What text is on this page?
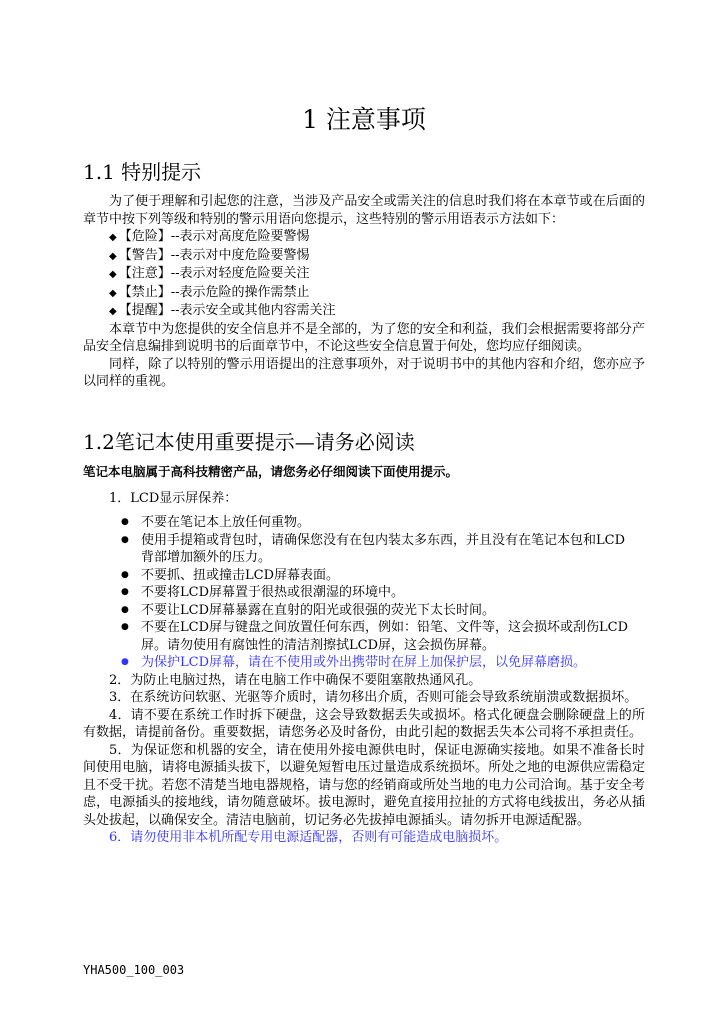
1 注意事项
1.1 特别提示

为了便于理解和引起您的注意，当涉及产品安全或需关注的信息时我们将在本章节或在后面的章节中按下列等级和特别的警示用语向您提示，这些特别的警示用语表示方法如下：

◆ 【危险】--表示对高度危险要警惕
◆ 【警告】--表示对中度危险要警惕
◆ 【注意】--表示对轻度危险要关注
◆ 【禁止】--表示危险的操作需禁止
◆ 【提醒】--表示安全或其他内容需关注

本章节中为您提供的安全信息并不是全部的，为了您的安全和利益，我们会根据需要将部分产品安全信息编排到说明书的后面章节中，不论这些安全信息置于何处，您均应仔细阅读。

同样，除了以特别的警示用语提出的注意事项外，对于说明书中的其他内容和介绍，您亦应予以同样的重视。

1.2笔记本使用重要提示—请务必阅读

笔记本电脑属于高科技精密产品，请您务必仔细阅读下面使用提示。

1．LCD显示屏保养：

● 不要在笔记本上放任何重物。
● 使用手提箱或背包时，请确保您没有在包内装太多东西，并且没有在笔记本包和LCD背部增加额外的压力。
● 不要抓、扭或撞击LCD屏幕表面。
● 不要将LCD屏幕置于很热或很潮湿的环境中。
● 不要让LCD屏幕暴露在直射的阳光或很强的荧光下太长时间。
● 不要在LCD屏与键盘之间放置任何东西，例如：铅笔、文件等，这会损坏或刮伤LCD屏。请勿使用有腐蚀性的清洁剂擦拭LCD屏，这会损伤屏幕。
● 为保护LCD屏幕，请在不使用或外出携带时在屏上加保护层，以免屏幕磨损。

2．为防止电脑过热，请在电脑工作中确保不要阻塞散热通风孔。

3．在系统访问软驱、光驱等介质时，请勿移出介质，否则可能会导致系统崩溃或数据损坏。

4．请不要在系统工作时拆下硬盘，这会导致数据丢失或损坏。格式化硬盘会删除硬盘上的所有数据，请提前备份。重要数据，请您务必及时备份，由此引起的数据丢失本公司将不承担责任。

5．为保证您和机器的安全，请在使用外接电源供电时，保证电源确实接地。如果不准备长时间使用电脑，请将电源插头拔下，以避免短暂电压过量造成系统损坏。所处之地的电源供应需稳定且不受干扰。若您不清楚当地电器规格，请与您的经销商或所处当地的电力公司洽询。基于安全考虑，电源插头的接地线，请勿随意破坏。拔电源时，避免直接用拉扯的方式将电线拔出，务必从插头处拔起，以确保安全。清洁电脑前，切记务必先拔掉电源插头。请勿拆开电源适配器。

6．请勿使用非本机所配专用电源适配器，否则有可能造成电脑损坏。

YHA500_100_003
